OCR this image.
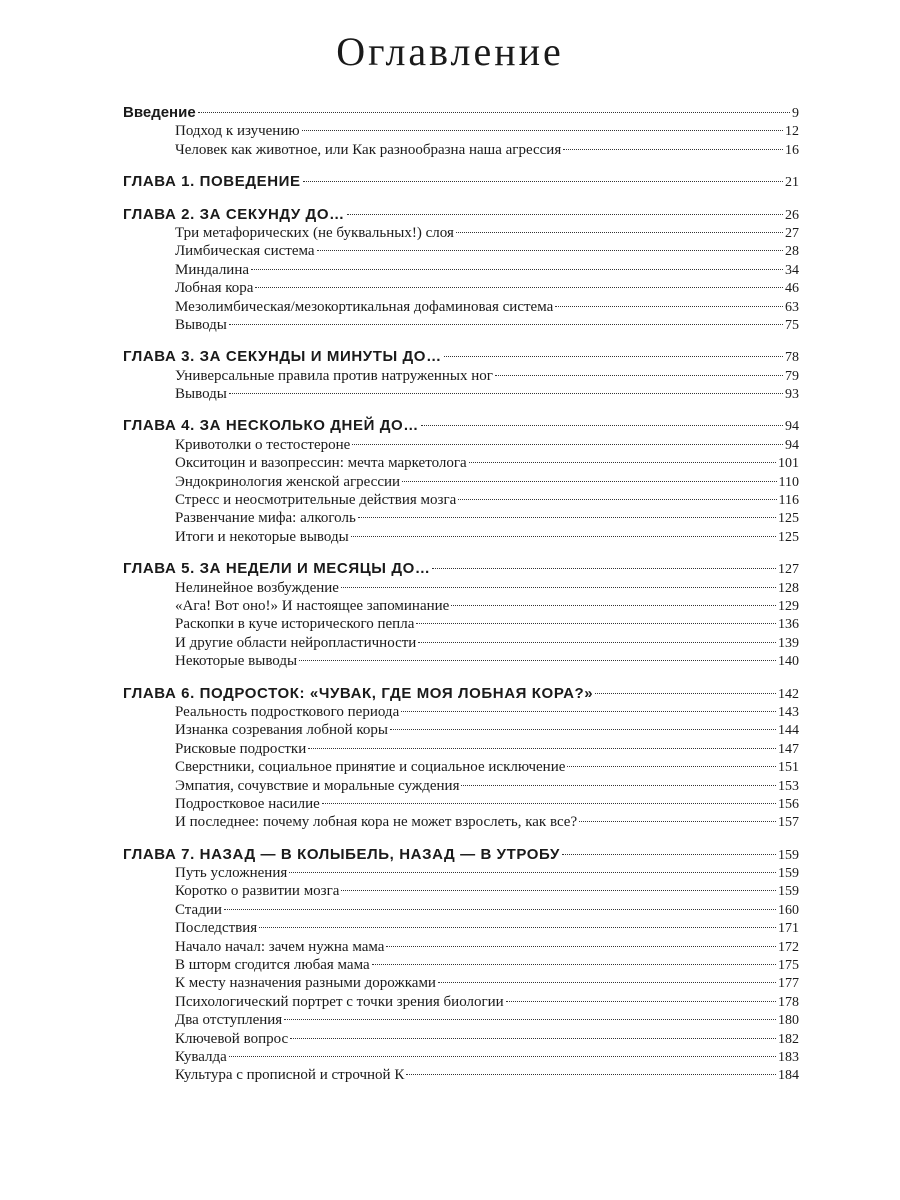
Оглавление
Введение	9
Подход к изучению	12
Человек как животное, или Как разнообразна наша агрессия	16
ГЛАВА 1. ПОВЕДЕНИЕ	21
ГЛАВА 2. ЗА СЕКУНДУ ДО…	26
Три метафорических (не буквальных!) слоя	27
Лимбическая система	28
Миндалина	34
Лобная кора	46
Мезолимбическая/мезокортикальная дофаминовая система	63
Выводы	75
ГЛАВА 3. ЗА СЕКУНДЫ И МИНУТЫ ДО…	78
Универсальные правила против натруженных ног	79
Выводы	93
ГЛАВА 4. ЗА НЕСКОЛЬКО ДНЕЙ ДО…	94
Кривотолки о тестостероне	94
Окситоцин и вазопрессин: мечта маркетолога	101
Эндокринология женской агрессии	110
Стресс и неосмотрительные действия мозга	116
Развенчание мифа: алкоголь	125
Итоги и некоторые выводы	125
ГЛАВА 5. ЗА НЕДЕЛИ И МЕСЯЦЫ ДО…	127
Нелинейное возбуждение	128
«Ага! Вот оно!» И настоящее запоминание	129
Раскопки в куче исторического пепла	136
И другие области нейропластичности	139
Некоторые выводы	140
ГЛАВА 6. ПОДРОСТОК: «ЧУВАК, ГДЕ МОЯ ЛОБНАЯ КОРА?»	142
Реальность подросткового периода	143
Изнанка созревания лобной коры	144
Рисковые подростки	147
Сверстники, социальное принятие и социальное исключение	151
Эмпатия, сочувствие и моральные суждения	153
Подростковое насилие	156
И последнее: почему лобная кора не может взрослеть, как все?	157
ГЛАВА 7. НАЗАД — В КОЛЫБЕЛЬ, НАЗАД — В УТРОБУ	159
Путь усложнения	159
Коротко о развитии мозга	159
Стадии	160
Последствия	171
Начало начал: зачем нужна мама	172
В шторм сгодится любая мама	175
К месту назначения разными дорожками	177
Психологический портрет с точки зрения биологии	178
Два отступления	180
Ключевой вопрос	182
Кувалда	183
Культура с прописной и строчной К	184
